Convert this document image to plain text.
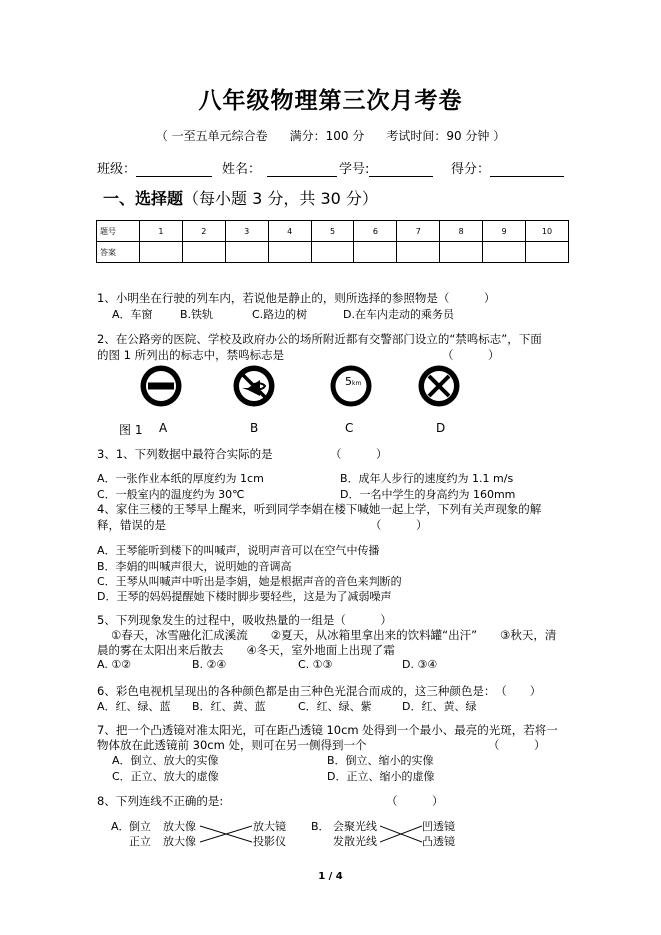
八年级物理第三次月考卷
（ 一至五单元综合卷 满分：100 分 考试时间：90 分钟 ）
班级：	姓名：	学号:	得分：
一、选择题（每小题 3 分，共 30 分）
题号	1	2	3	4	5	6	7	8	9	10
答案										
1、小明坐在行驶的列车内，若说他是静止的，则所选择的参照物是（　　　）
A．车窗 B.铁轨	C.路边的树	D.在车内走动的乘务员
2、在公路旁的医院、学校及政府办公的场所附近都有交警部门设立的“禁鸣标志”，下面
的图 1 所列出的标志中，禁鸣标志是	（　　　）
5 km
图 1 A	B	C	D
3、1、下列数据中最符合实际的是	（　　　）
A．一张作业本纸的厚度约为 1cm	B．成年人步行的速度约为 1.1 m/s
C．一般室内的温度约为 30℃	D．一名中学生的身高约为 160mm
4、家住三楼的王琴早上醒来，听到同学李娟在楼下喊她一起上学，下列有关声现象的解
释，错误的是	（　　　）
A．王琴能听到楼下的叫喊声，说明声音可以在空气中传播
B．李娟的叫喊声很大，说明她的音调高
C．王琴从叫喊声中听出是李娟，她是根据声音的音色来判断的
D．王琴的妈妈提醒她下楼时脚步要轻些，这是为了减弱噪声
5、下列现象发生的过程中，吸收热量的一组是（　　　）
①春天，冰雪融化汇成溪流　　②夏天，从冰箱里拿出来的饮料罐“出汗”　　③秋天，清
晨的雾在太阳出来后散去　　④冬天，室外地面上出现了霜
A. ①②	B. ②④	C. ①③	D. ③④
6、彩色电视机呈现出的各种颜色都是由三种色光混合而成的，这三种颜色是：　（　　）
A．红、绿、蓝 B．红、黄、蓝	C．红、绿、紫	D．红、黄、绿
7、把一个凸透镜对准太阳光，可在距凸透镜 10cm 处得到一个最小、最亮的光斑，若将一
物体放在此透镜前 30cm 处，则可在另一侧得到一个	（　　　）
A．倒立、放大的实像	B．倒立、缩小的实像
C．正立、放大的虚像	D．正立、缩小的虚像
8、下列连线不正确的是:	（　　　）
A． 倒立
正立
放大像
放大像
放大镜
投影仪
B． 会聚光线
发散光线
凹透镜
凸透镜
1 / 4
